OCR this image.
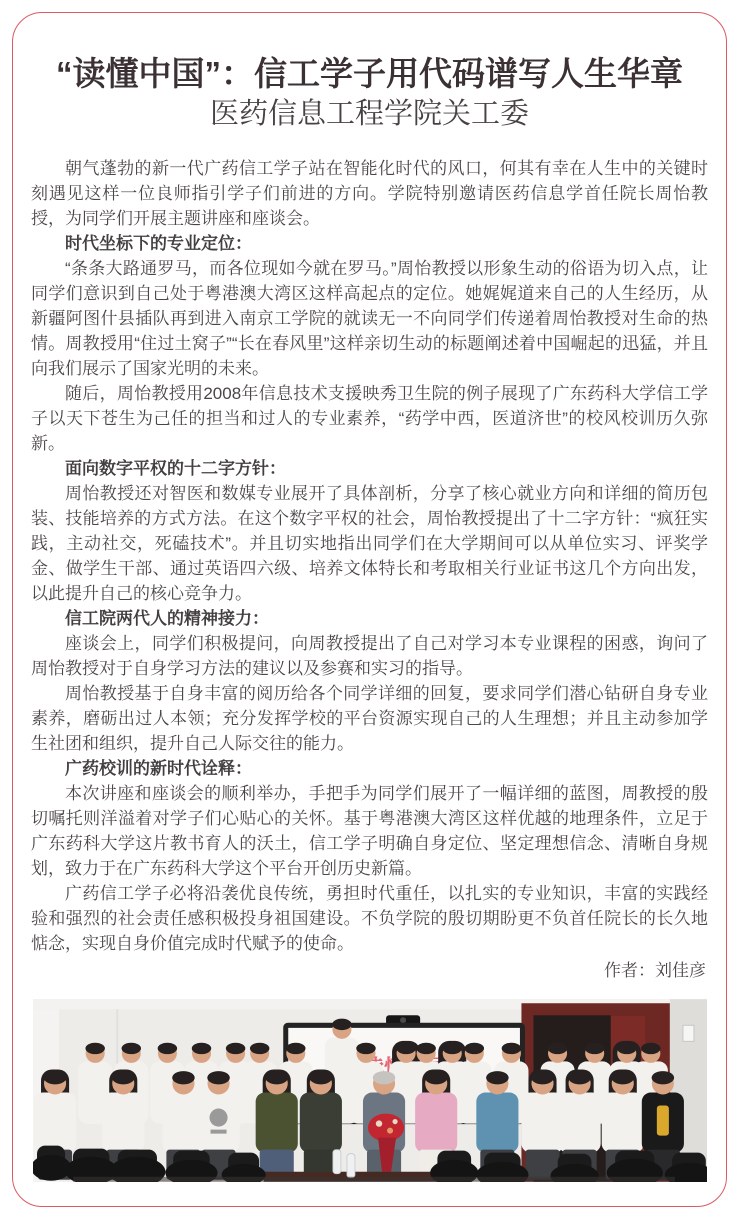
“读懂中国”：信工学子用代码谱写人生华章
医药信息工程学院关工委

朝气蓬勃的新一代广药信工学子站在智能化时代的风口，何其有幸在人生中的关键时刻遇见这样一位良师指引学子们前进的方向。学院特别邀请医药信息学首任院长周怡教授，为同学们开展主题讲座和座谈会。

时代坐标下的专业定位：

“条条大路通罗马，而各位现如今就在罗马。”周怡教授以形象生动的俗语为切入点，让同学们意识到自己处于粤港澳大湾区这样高起点的定位。她娓娓道来自己的人生经历，从新疆阿图什县插队再到进入南京工学院的就读无一不向同学们传递着周怡教授对生命的热情。周教授用“住过土窝子”“长在春风里”这样亲切生动的标题阐述着中国崛起的迅猛，并且向我们展示了国家光明的未来。

随后，周怡教授用2008年信息技术支援映秀卫生院的例子展现了广东药科大学信工学子以天下苍生为己任的担当和过人的专业素养，“药学中西，医道济世”的校风校训历久弥新。

面向数字平权的十二字方针：

周怡教授还对智医和数媒专业展开了具体剖析，分享了核心就业方向和详细的简历包装、技能培养的方式方法。在这个数字平权的社会，周怡教授提出了十二字方针：“疯狂实践，主动社交，死磕技术”。并且切实地指出同学们在大学期间可以从单位实习、评奖学金、做学生干部、通过英语四六级、培养文体特长和考取相关行业证书这几个方向出发，以此提升自己的核心竞争力。

信工院两代人的精神接力：

座谈会上，同学们积极提问，向周教授提出了自己对学习本专业课程的困惑，询问了周怡教授对于自身学习方法的建议以及参赛和实习的指导。

周怡教授基于自身丰富的阅历给各个同学详细的回复，要求同学们潜心钻研自身专业素养，磨砺出过人本领；充分发挥学校的平台资源实现自己的人生理想；并且主动参加学生社团和组织，提升自己人际交往的能力。

广药校训的新时代诠释：

本次讲座和座谈会的顺利举办，手把手为同学们展开了一幅详细的蓝图，周教授的殷切嘱托则洋溢着对学子们心贴心的关怀。基于粤港澳大湾区这样优越的地理条件，立足于广东药科大学这片教书育人的沃土，信工学子明确自身定位、坚定理想信念、清晰自身规划，致力于在广东药科大学这个平台开创历史新篇。

广药信工学子必将沿袭优良传统，勇担时代重任，以扎实的专业知识，丰富的实践经验和强烈的社会责任感积极投身祖国建设。不负学院的殷切期盼更不负首任院长的长久地惦念，实现自身价值完成时代赋予的使命。

作者：刘佳彦
